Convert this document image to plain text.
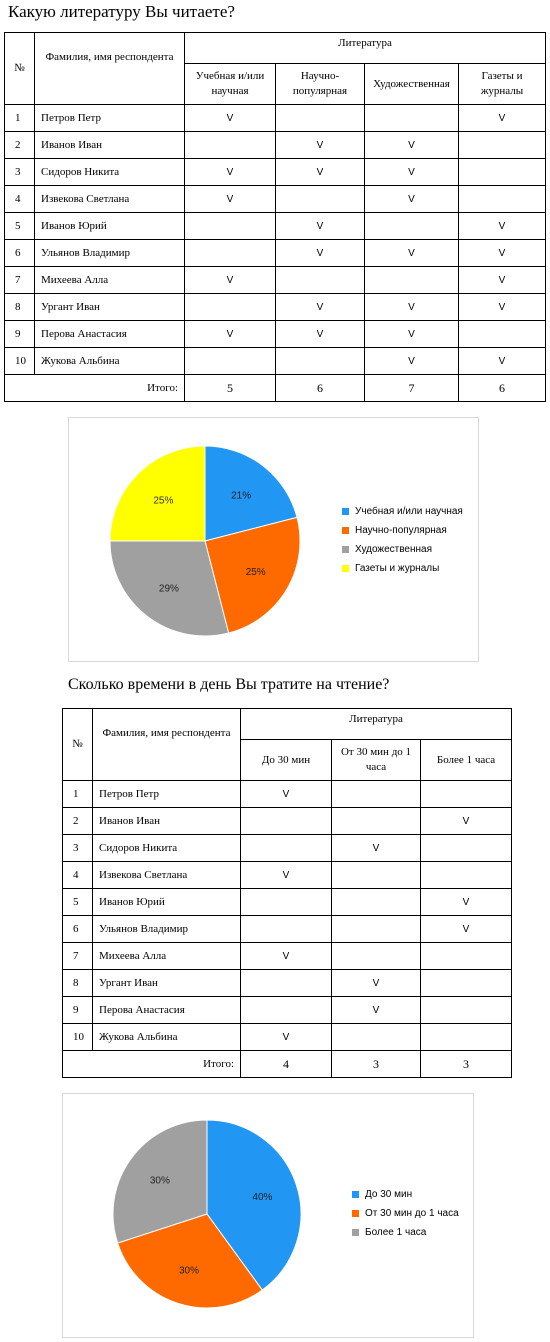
Какую литературу Вы читаете?
№	Фамилия, имя респондента	Литература			
		Учебная и/или научная	Научно-популярная	Художественная	Газеты и журналы
1	Петров Петр	V			V
2	Иванов Иван		V	V	
3	Сидоров Никита	V	V	V	
4	Извекова Светлана	V		V	
5	Иванов Юрий		V		V
6	Ульянов Владимир		V	V	V
7	Михеева Алла	V			V
8	Ургант Иван		V	V	V
9	Перова Анастасия	V	V	V	
10	Жукова Альбина			V	V
Итого:		5	6	7	6
21%
25%
29%
25%
Учебная и/или научная
Научно-популярная
Художественная
Газеты и журналы
Сколько времени в день Вы тратите на чтение?
№	Фамилия, имя респондента	Литература		
		До 30 мин	От 30 мин до 1 часа	Более 1 часа
1	Петров Петр	V		
2	Иванов Иван			V
3	Сидоров Никита		V	
4	Извекова Светлана	V		
5	Иванов Юрий			V
6	Ульянов Владимир			V
7	Михеева Алла	V		
8	Ургант Иван		V	
9	Перова Анастасия		V	
10	Жукова Альбина	V		
Итого:		4	3	3
40%
30%
30%
До 30 мин
От 30 мин до 1 часа
Более 1 часа
